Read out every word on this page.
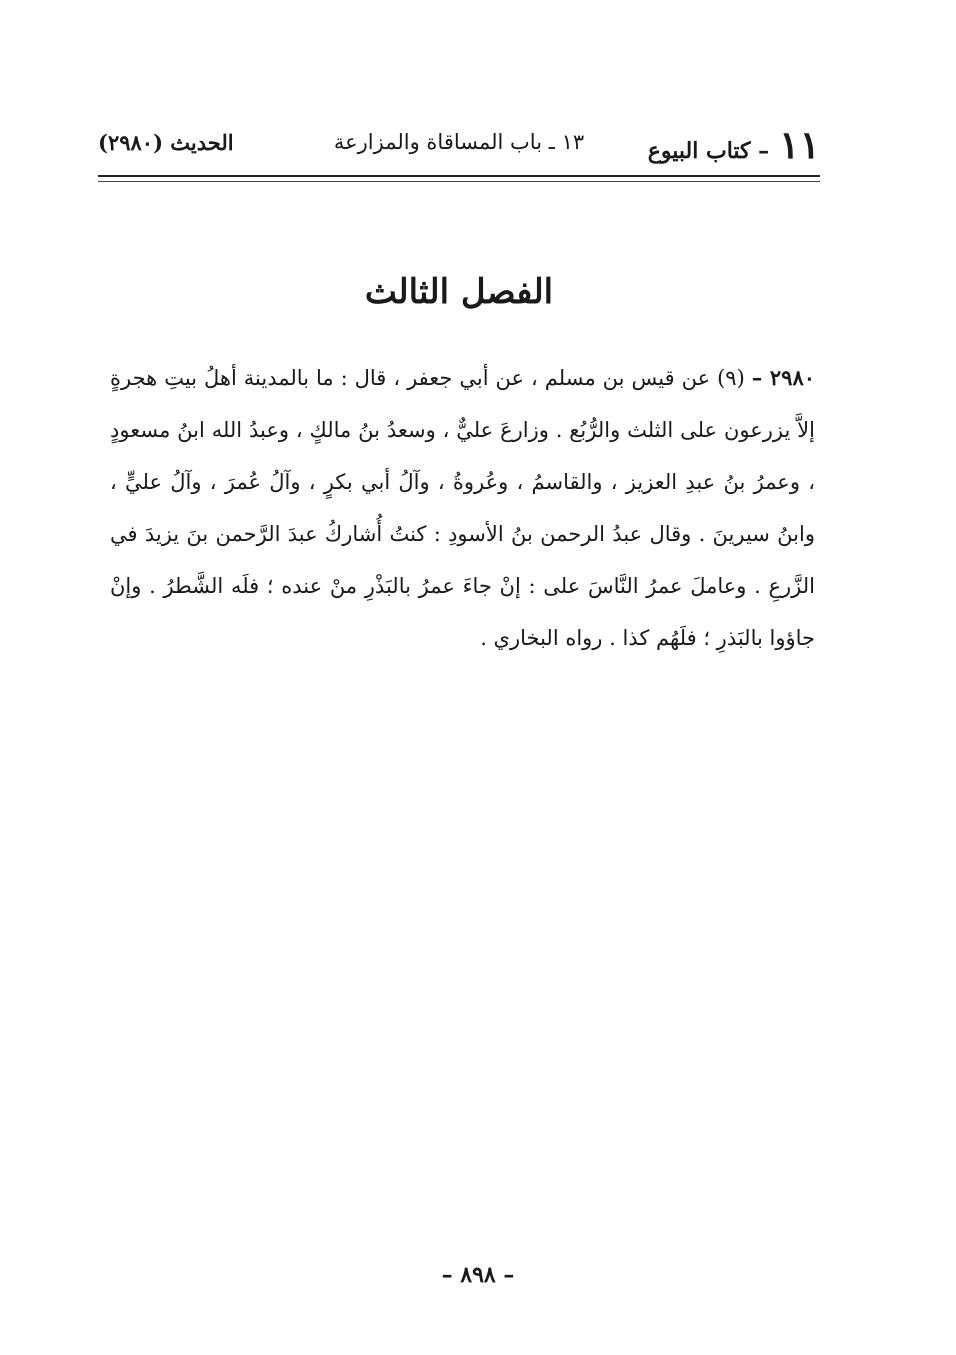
١١
– كتاب البيوع
١٣ ـ باب المساقاة والمزارعة
الحديث (٢٩٨٠)
الفصل الثالث
٢٩٨٠ – (٩) عن قيس بن مسلم ، عن أبي جعفر ، قال : ما بالمدينة أهلُ بيتِ هجرةٍ إلاَّ يزرعون على الثلث والرُّبُع . وزارعَ عليٌّ ، وسعدُ بنُ مالكٍ ، وعبدُ الله ابنُ مسعودٍ ، وعمرُ بنُ عبدِ العزيز ، والقاسمُ ، وعُروةُ ، وآلُ أبي بكرٍ ، وآلُ عُمرَ ، وآلُ عليٍّ ، وابنُ سيرينَ . وقال عبدُ الرحمن بنُ الأسودِ : كنتُ أُشاركُ عبدَ الرَّحمن بنَ يزيدَ في الزَّرعِ . وعاملَ عمرُ النَّاسَ على : إنْ جاءَ عمرُ بالبَذْرِ منْ عنده ؛ فلَه الشَّطرُ . وإنْ جاؤوا بالبَذرِ ؛ فلَهُم كذا . رواه البخاري .
– ٨٩٨ –
